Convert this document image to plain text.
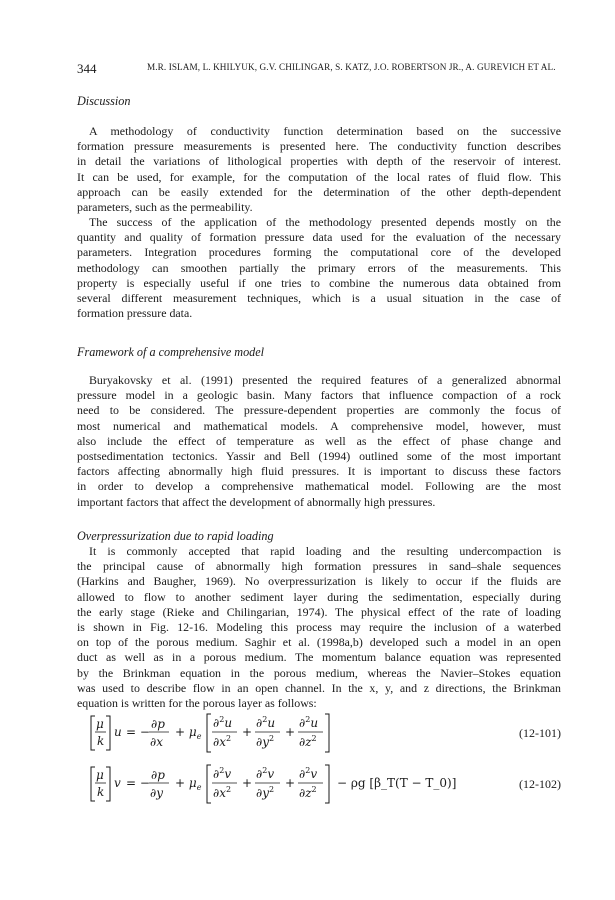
344	M.R. ISLAM, L. KHILYUK, G.V. CHILINGAR, S. KATZ, J.O. ROBERTSON JR., A. GUREVICH ET AL.
Discussion
A methodology of conductivity function determination based on the successive
formation pressure measurements is presented here. The conductivity function describes
in detail the variations of lithological properties with depth of the reservoir of interest.
It can be used, for example, for the computation of the local rates of fluid flow. This
approach can be easily extended for the determination of the other depth-dependent
parameters, such as the permeability.
The success of the application of the methodology presented depends mostly on the
quantity and quality of formation pressure data used for the evaluation of the necessary
parameters. Integration procedures forming the computational core of the developed
methodology can smoothen partially the primary errors of the measurements. This
property is especially useful if one tries to combine the numerous data obtained from
several different measurement techniques, which is a usual situation in the case of
formation pressure data.
Framework of a comprehensive model
Buryakovsky et al. (1991) presented the required features of a generalized abnormal
pressure model in a geologic basin. Many factors that influence compaction of a rock
need to be considered. The pressure-dependent properties are commonly the focus of
most numerical and mathematical models. A comprehensive model, however, must
also include the effect of temperature as well as the effect of phase change and
postsedimentation tectonics. Yassir and Bell (1994) outlined some of the most important
factors affecting abnormally high fluid pressures. It is important to discuss these factors
in order to develop a comprehensive mathematical model. Following are the most
important factors that affect the development of abnormally high pressures.
Overpressurization due to rapid loading
It is commonly accepted that rapid loading and the resulting undercompaction is
the principal cause of abnormally high formation pressures in sand–shale sequences
(Harkins and Baugher, 1969). No overpressurization is likely to occur if the fluids are
allowed to flow to another sediment layer during the sedimentation, especially during
the early stage (Rieke and Chilingarian, 1974). The physical effect of the rate of loading
is shown in Fig. 12-16. Modeling this process may require the inclusion of a waterbed
on top of the porous medium. Saghir et al. (1998a,b) developed such a model in an open
duct as well as in a porous medium. The momentum balance equation was represented
by the Brinkman equation in the porous medium, whereas the Navier–Stokes equation
was used to describe flow in an open channel. In the x, y, and z directions, the Brinkman
equation is written for the porous layer as follows:
μ
k
u = −
∂p
∂x
+ $\mu_e$
∂$^2$u
$\partial x^2$ +
∂$^2$u
$\partial y^2$ +
∂$^2$u
$\partial z^2$	(12-101)
μ
k
v = −
∂p
∂y
+ $\mu_e$
∂$^2$v
$\partial x^2$ +
∂$^2$v
$\partial y^2$ +
∂$^2$v
$\partial z^2 - \rho g$ [β_T(T − T_0)]	(12-102)
